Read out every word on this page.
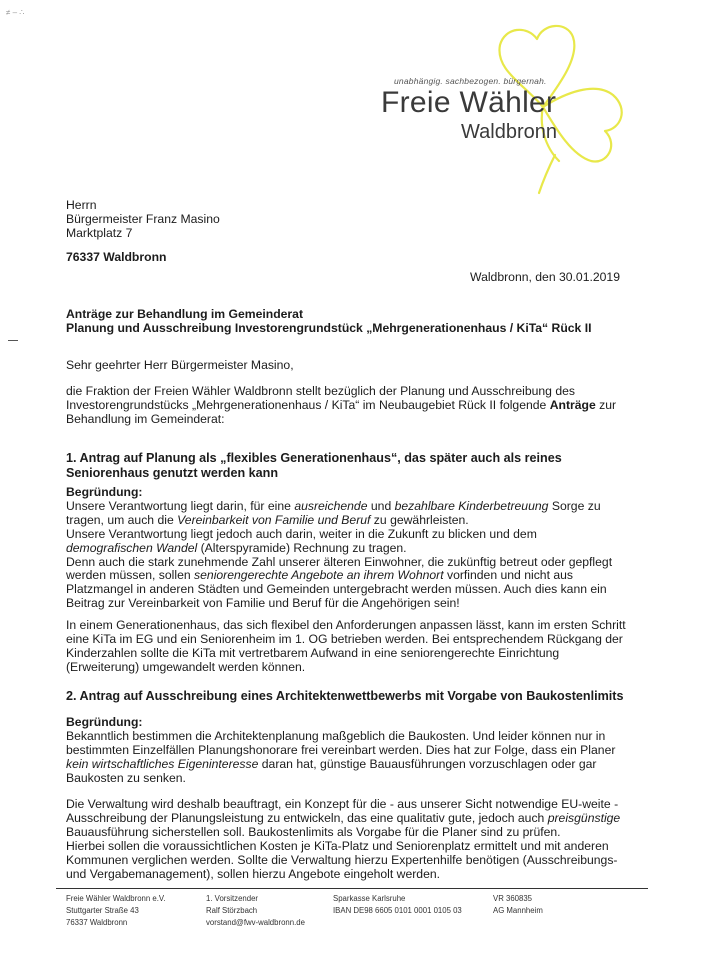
≠ – ∴
unabhängig. sachbezogen. bürgernah.
Freie Wähler
Waldbronn
Herrn
Bürgermeister Franz Masino
Marktplatz 7
76337 Waldbronn
Waldbronn, den 30.01.2019
Anträge zur Behandlung im Gemeinderat
Planung und Ausschreibung Investorengrundstück „Mehrgenerationenhaus / KiTa“ Rück II
Sehr geehrter Herr Bürgermeister Masino,

die Fraktion der Freien Wähler Waldbronn stellt bezüglich der Planung und Ausschreibung des Investorengrundstücks „Mehrgenerationenhaus / KiTa“ im Neubaugebiet Rück II folgende Anträge zur Behandlung im Gemeinderat:

1. Antrag auf Planung als „flexibles Generationenhaus“, das später auch als reines Seniorenhaus genutzt werden kann
Begründung:

Unsere Verantwortung liegt darin, für eine ausreichende und bezahlbare Kinderbetreuung Sorge zu tragen, um auch die Vereinbarkeit von Familie und Beruf zu gewährleisten.

Unsere Verantwortung liegt jedoch auch darin, weiter in die Zukunft zu blicken und dem demografischen Wandel (Alterspyramide) Rechnung zu tragen.

Denn auch die stark zunehmende Zahl unserer älteren Einwohner, die zukünftig betreut oder gepflegt werden müssen, sollen seniorengerechte Angebote an ihrem Wohnort vorfinden und nicht aus Platzmangel in anderen Städten und Gemeinden untergebracht werden müssen. Auch dies kann ein Beitrag zur Vereinbarkeit von Familie und Beruf für die Angehörigen sein!

In einem Generationenhaus, das sich flexibel den Anforderungen anpassen lässt, kann im ersten Schritt eine KiTa im EG und ein Seniorenheim im 1. OG betrieben werden. Bei entsprechendem Rückgang der Kinderzahlen sollte die KiTa mit vertretbarem Aufwand in eine seniorengerechte Einrichtung (Erweiterung) umgewandelt werden können.

2. Antrag auf Ausschreibung eines Architektenwettbewerbs mit Vorgabe von Baukostenlimits
Begründung:

Bekanntlich bestimmen die Architektenplanung maßgeblich die Baukosten. Und leider können nur in bestimmten Einzelfällen Planungshonorare frei vereinbart werden. Dies hat zur Folge, dass ein Planer kein wirtschaftliches Eigeninteresse daran hat, günstige Bauausführungen vorzuschlagen oder gar Baukosten zu senken.

Die Verwaltung wird deshalb beauftragt, ein Konzept für die - aus unserer Sicht notwendige EU-weite - Ausschreibung der Planungsleistung zu entwickeln, das eine qualitativ gute, jedoch auch preisgünstige Bauausführung sicherstellen soll. Baukostenlimits als Vorgabe für die Planer sind zu prüfen.

Hierbei sollen die voraussichtlichen Kosten je KiTa-Platz und Seniorenplatz ermittelt und mit anderen Kommunen verglichen werden. Sollte die Verwaltung hierzu Expertenhilfe benötigen (Ausschreibungs- und Vergabemanagement), sollen hierzu Angebote eingeholt werden.

Freie Wähler Waldbronn e.V.
Stuttgarter Straße 43
76337 Waldbronn
1. Vorsitzender
Ralf Störzbach
vorstand@fwv-waldbronn.de
Sparkasse Karlsruhe
IBAN DE98 6605 0101 0001 0105 03
VR 360835
AG Mannheim
